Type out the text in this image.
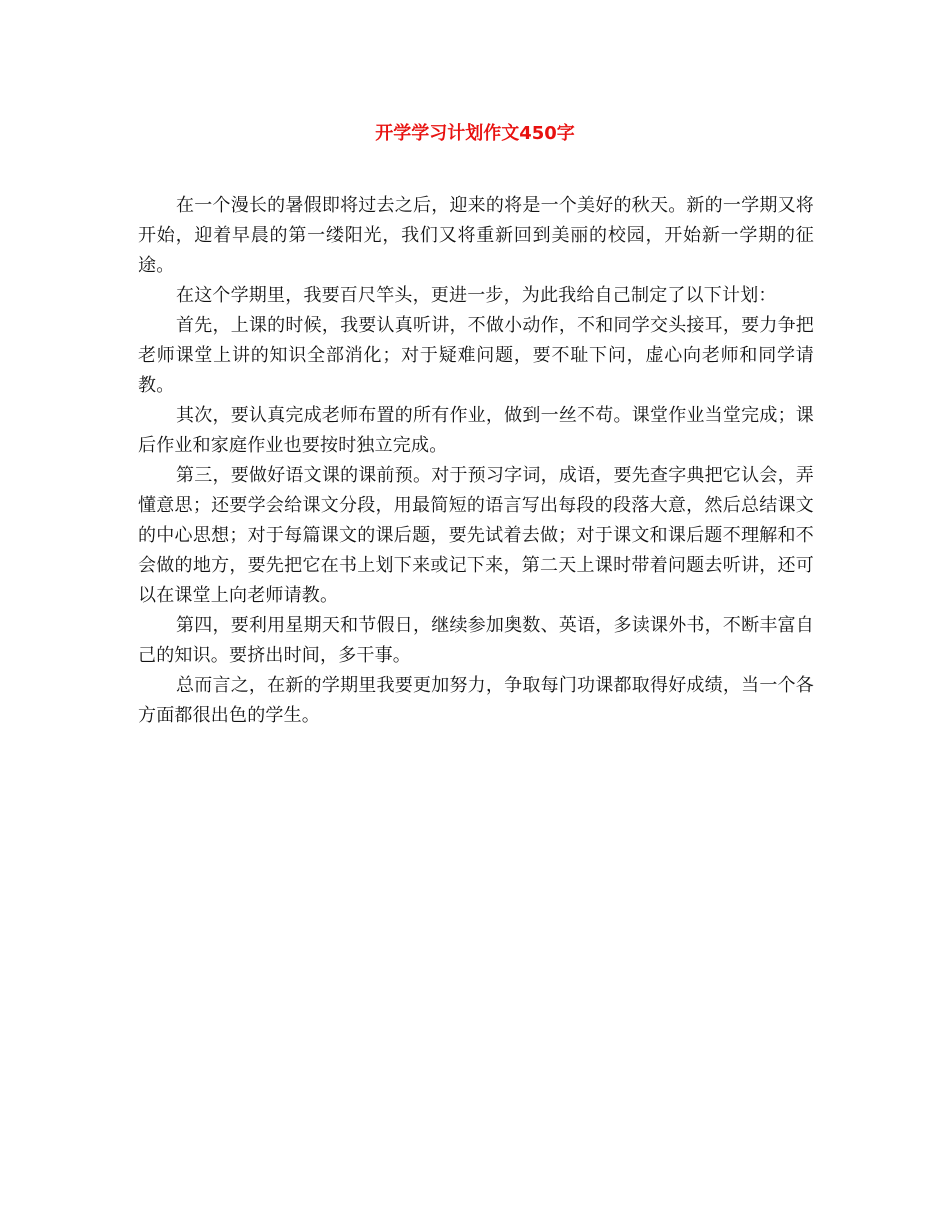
开学学习计划作文450字

在一个漫长的暑假即将过去之后，迎来的将是一个美好的秋天。新的一学期又将开始，迎着早晨的第一缕阳光，我们又将重新回到美丽的校园，开始新一学期的征途。

在这个学期里，我要百尺竿头，更进一步，为此我给自己制定了以下计划：

首先，上课的时候，我要认真听讲，不做小动作，不和同学交头接耳，要力争把老师课堂上讲的知识全部消化；对于疑难问题，要不耻下问，虚心向老师和同学请教。

其次，要认真完成老师布置的所有作业，做到一丝不苟。课堂作业当堂完成；课后作业和家庭作业也要按时独立完成。

第三，要做好语文课的课前预。对于预习字词，成语，要先查字典把它认会，弄懂意思；还要学会给课文分段，用最简短的语言写出每段的段落大意，然后总结课文的中心思想；对于每篇课文的课后题，要先试着去做；对于课文和课后题不理解和不会做的地方，要先把它在书上划下来或记下来，第二天上课时带着问题去听讲，还可以在课堂上向老师请教。

第四，要利用星期天和节假日，继续参加奥数、英语，多读课外书，不断丰富自己的知识。要挤出时间，多干事。

总而言之，在新的学期里我要更加努力，争取每门功课都取得好成绩，当一个各方面都很出色的学生。
